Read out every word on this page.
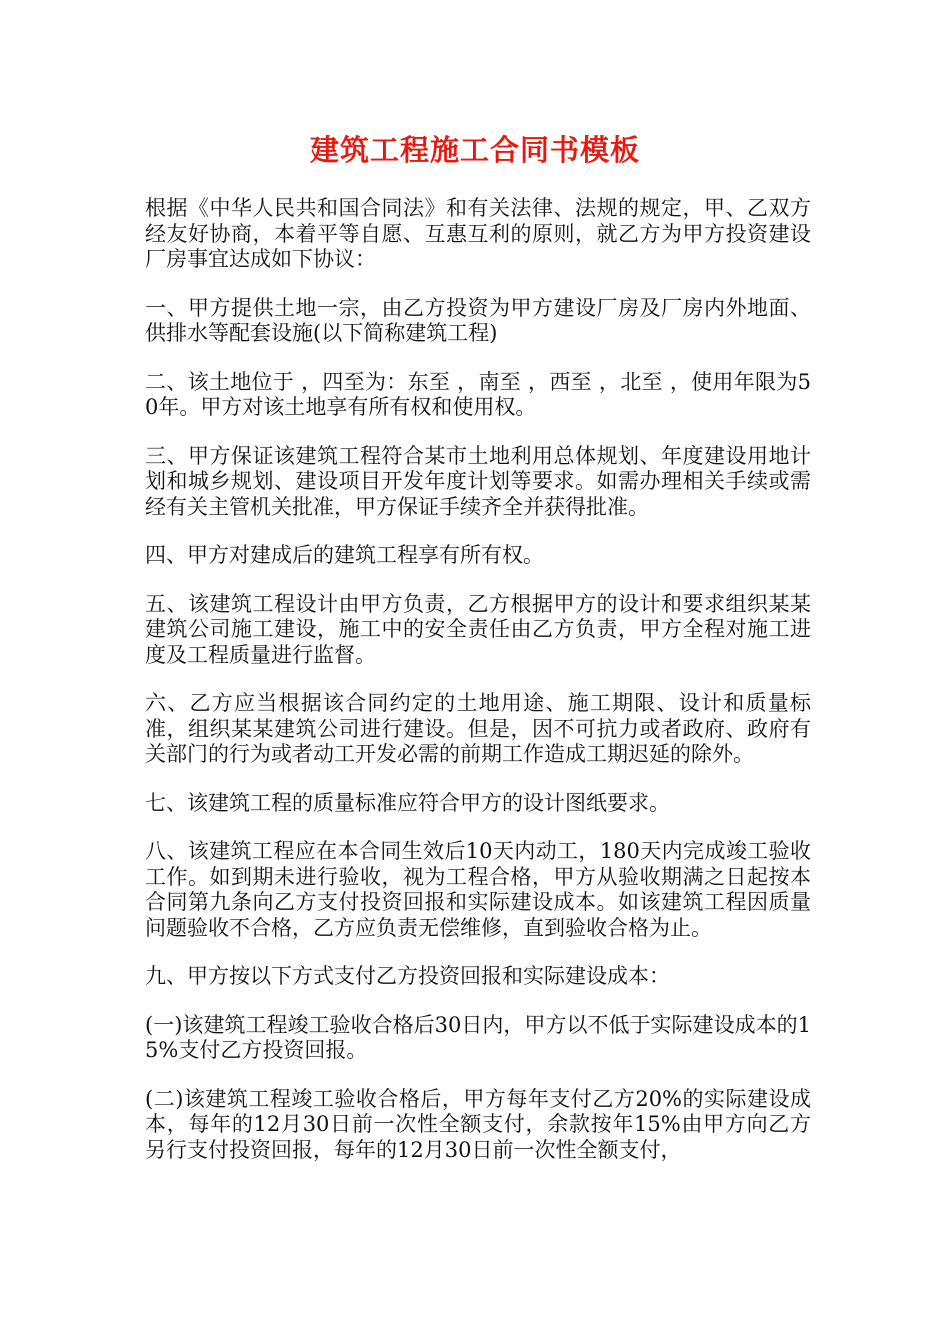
建筑工程施工合同书模板

根据《中华人民共和国合同法》和有关法律、法规的规定，甲、乙双方经友好协商，本着平等自愿、互惠互利的原则，就乙方为甲方投资建设厂房事宜达成如下协议：

一、甲方提供土地一宗，由乙方投资为甲方建设厂房及厂房内外地面、供排水等配套设施(以下简称建筑工程)

二、该土地位于 ，四至为：东至 ，南至 ，西至 ，北至 ，使用年限为50年。甲方对该土地享有所有权和使用权。

三、甲方保证该建筑工程符合某市土地利用总体规划、年度建设用地计划和城乡规划、建设项目开发年度计划等要求。如需办理相关手续或需经有关主管机关批准，甲方保证手续齐全并获得批准。

四、甲方对建成后的建筑工程享有所有权。

五、该建筑工程设计由甲方负责，乙方根据甲方的设计和要求组织某某建筑公司施工建设，施工中的安全责任由乙方负责，甲方全程对施工进度及工程质量进行监督。

六、乙方应当根据该合同约定的土地用途、施工期限、设计和质量标准，组织某某建筑公司进行建设。但是，因不可抗力或者政府、政府有关部门的行为或者动工开发必需的前期工作造成工期迟延的除外。

七、该建筑工程的质量标准应符合甲方的设计图纸要求。

八、该建筑工程应在本合同生效后10天内动工，180天内完成竣工验收工作。如到期未进行验收，视为工程合格，甲方从验收期满之日起按本合同第九条向乙方支付投资回报和实际建设成本。如该建筑工程因质量问题验收不合格，乙方应负责无偿维修，直到验收合格为止。

九、甲方按以下方式支付乙方投资回报和实际建设成本：

(一)该建筑工程竣工验收合格后30日内，甲方以不低于实际建设成本的15%支付乙方投资回报。

(二)该建筑工程竣工验收合格后，甲方每年支付乙方20%的实际建设成本，每年的12月30日前一次性全额支付，余款按年15%由甲方向乙方另行支付投资回报，每年的12月30日前一次性全额支付，
